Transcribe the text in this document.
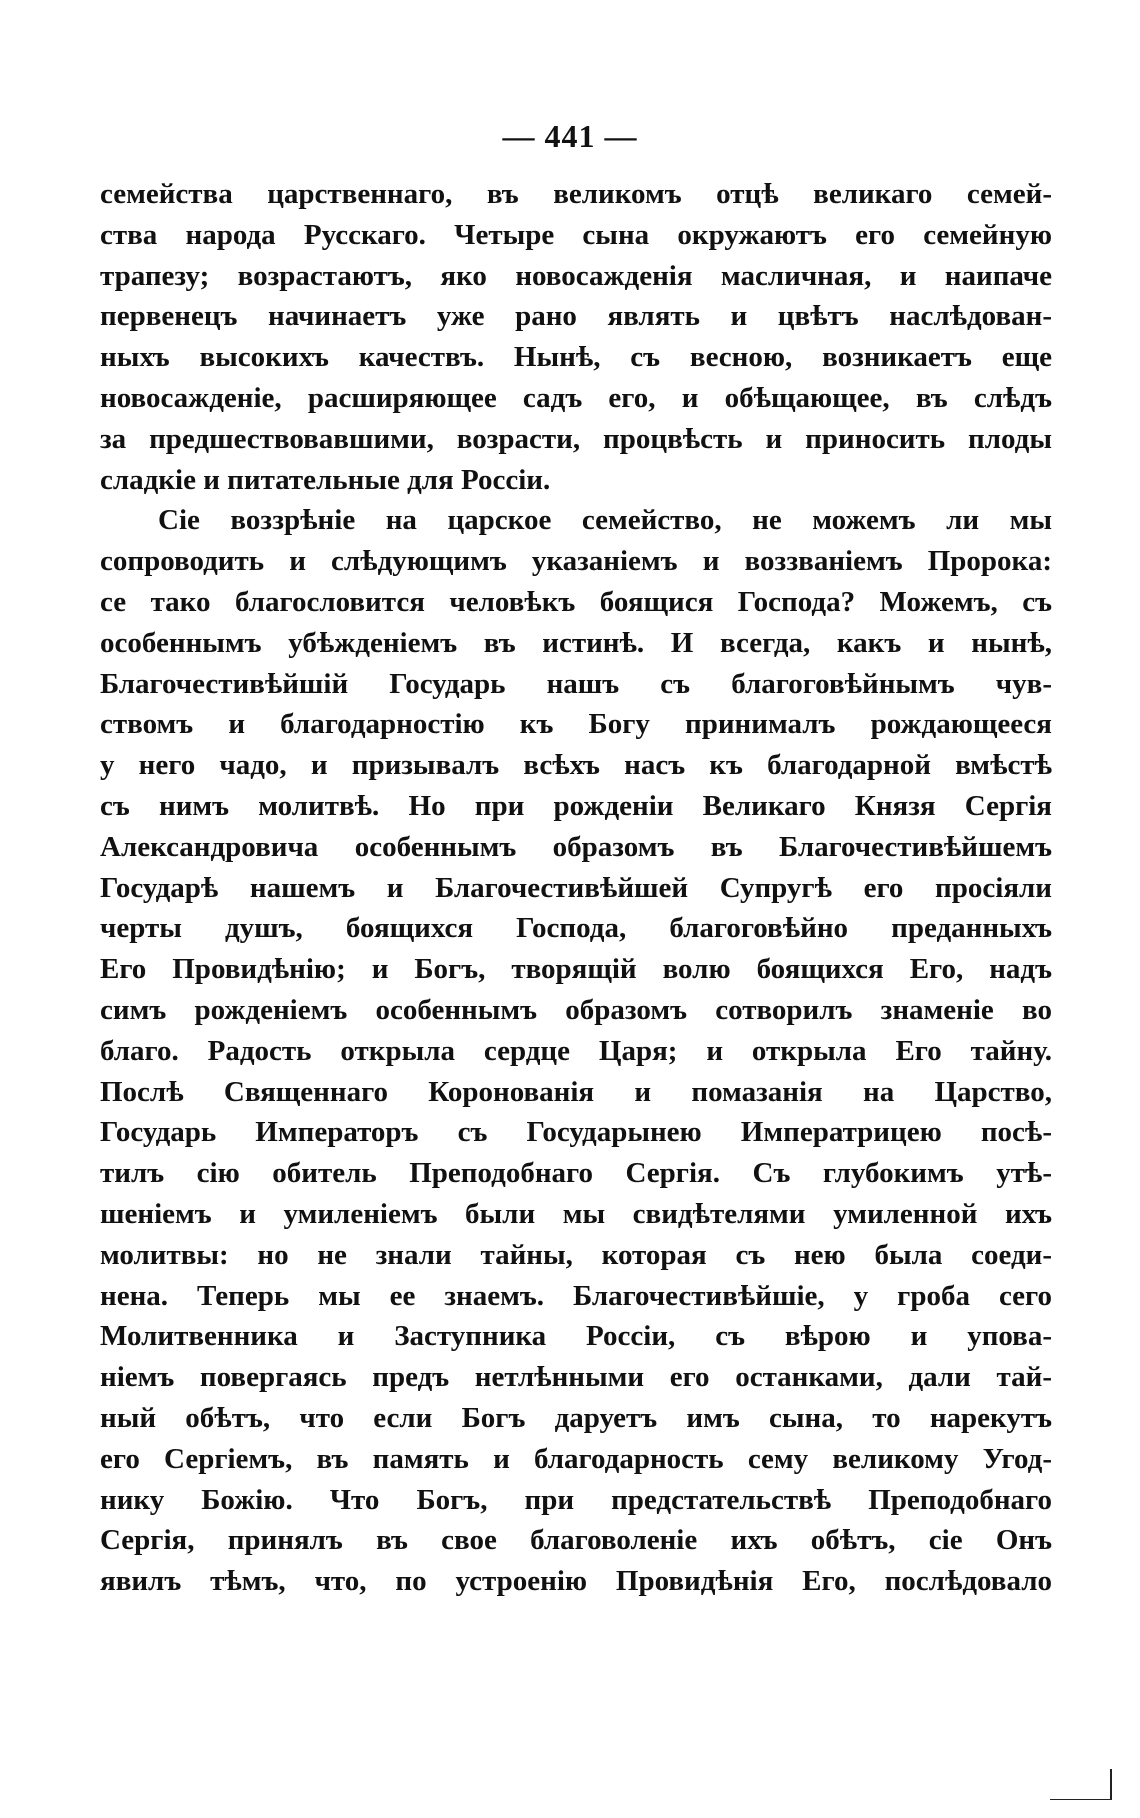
— 441 —
семейства царственнаго, въ великомъ отцѣ великаго семей-
ства народа Русскаго. Четыре сына окружаютъ его семейную
трапезу; возрастаютъ, яко новосажденія масличная, и наипаче
первенецъ начинаетъ уже рано являть и цвѣтъ наслѣдован-
ныхъ высокихъ качествъ. Нынѣ, съ весною, возникаетъ еще
новосажденіе, расширяющее садъ его, и обѣщающее, въ слѣдъ
за предшествовавшими, возрасти, процвѣсть и приносить плоды
сладкіе и питательные для Россіи.
Сіе воззрѣніе на царское семейство, не можемъ ли мы
сопроводить и слѣдующимъ указаніемъ и воззваніемъ Пророка:
се тако благословится человѣкъ боящися Господа? Можемъ, съ
особеннымъ убѣжденіемъ въ истинѣ. И всегда, какъ и нынѣ,
Благочестивѣйшій Государь нашъ съ благоговѣйнымъ чув-
ствомъ и благодарностію къ Богу принималъ рождающееся
у него чадо, и призывалъ всѣхъ насъ къ благодарной вмѣстѣ
съ нимъ молитвѣ. Но при рожденіи Великаго Князя Сергія
Александровича особеннымъ образомъ въ Благочестивѣйшемъ
Государѣ нашемъ и Благочестивѣйшей Супругѣ его просіяли
черты душъ, боящихся Господа, благоговѣйно преданныхъ
Его Провидѣнію; и Богъ, творящій волю боящихся Его, надъ
симъ рожденіемъ особеннымъ образомъ сотворилъ знаменіе во
благо. Радость открыла сердце Царя; и открыла Его тайну.
Послѣ Священнаго Коронованія и помазанія на Царство,
Государь Императоръ съ Государынею Императрицею посѣ-
тилъ сію обитель Преподобнаго Сергія. Съ глубокимъ утѣ-
шеніемъ и умиленіемъ были мы свидѣтелями умиленной ихъ
молитвы: но не знали тайны, которая съ нею была соеди-
нена. Теперь мы ее знаемъ. Благочестивѣйшіе, у гроба сего
Молитвенника и Заступника Россіи, съ вѣрою и упова-
ніемъ повергаясь предъ нетлѣнными его останками, дали тай-
ный обѣтъ, что если Богъ даруетъ имъ сына, то нарекутъ
его Сергіемъ, въ память и благодарность сему великому Угод-
нику Божію. Что Богъ, при предстательствѣ Преподобнаго
Сергія, принялъ въ свое благоволеніе ихъ обѣтъ, сіе Онъ
явилъ тѣмъ, что, по устроенію Провидѣнія Его, послѣдовало
